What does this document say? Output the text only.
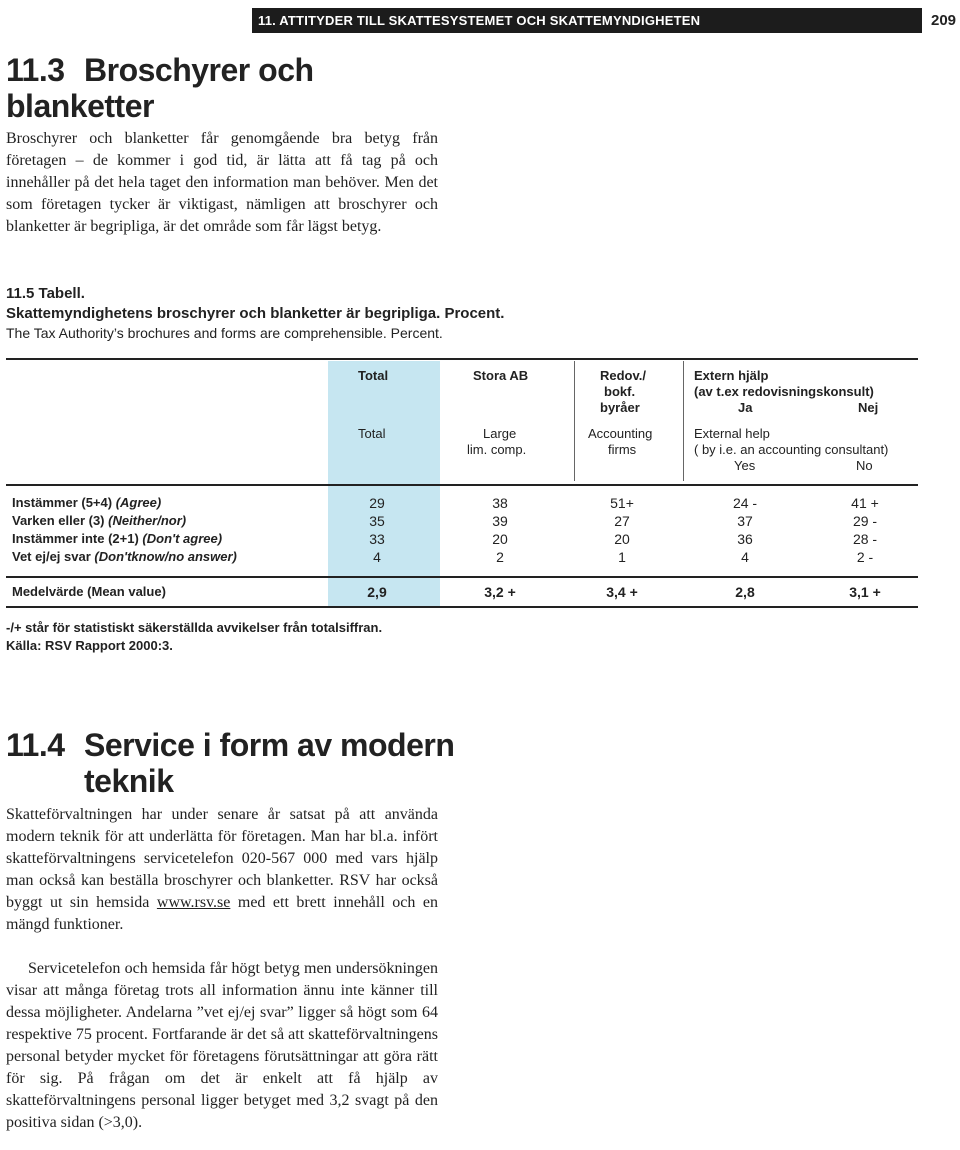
11. ATTITYDER TILL SKATTESYSTEMET OCH SKATTEMYNDIGHETEN	209
11.3 Broschyrer och
blanketter

Broschyrer och blanketter får genomgående bra betyg från företagen – de kommer i god tid, är lätta att få tag på och innehåller på det hela taget den information man behöver. Men det som företagen tycker är viktigast, nämligen att broschyrer och blanketter är begripliga, är det område som får lägst betyg.

11.5 Tabell.
Skattemyndighetens broschyrer och blanketter är begripliga. Procent.
The Tax Authority’s brochures and forms are comprehensible. Percent.
Total	Stora AB	Redov./
bokf.
byråer
Extern hjälp
(av t.ex redovisningskonsult)
Ja	Nej
Total	Large
lim. comp.
Accounting
firms
External help
( by i.e. an accounting consultant)
Yes	No
Instämmer (5+4) (Agree)	29	38	51+	24 -	41 +
Varken eller (3) (Neither/nor)	35	39	27	37	29 -
Instämmer inte (2+1) (Don't agree)	33	20	20	36	28 -
Vet ej/ej svar (Don'tknow/no answer)	4	2	1	4	2 -
Medelvärde (Mean value)	2,9	3,2 +	3,4 +	2,8	3,1 +
-/+ står för statistiskt säkerställda avvikelser från totalsiffran.
Källa: RSV Rapport 2000:3.
11.4 Service i form av modern
teknik

Skatteförvaltningen har under senare år satsat på att använda modern teknik för att underlätta för företagen. Man har bl.a. infört skatteförvaltningens servicetelefon 020-567 000 med vars hjälp man också kan beställa broschyrer och blanketter. RSV har också byggt ut sin hemsida www.rsv.se med ett brett innehåll och en mängd funktioner.

Servicetelefon och hemsida får högt betyg men undersökningen visar att många företag trots all information ännu inte känner till dessa möjligheter. Andelarna ”vet ej/ej svar” ligger så högt som 64 respektive 75 procent. Fortfarande är det så att skatteförvaltningens personal betyder mycket för företagens förutsättningar att göra rätt för sig. På frågan om det är enkelt att få hjälp av skatteförvaltningens personal ligger betyget med 3,2 svagt på den positiva sidan (>3,0).
